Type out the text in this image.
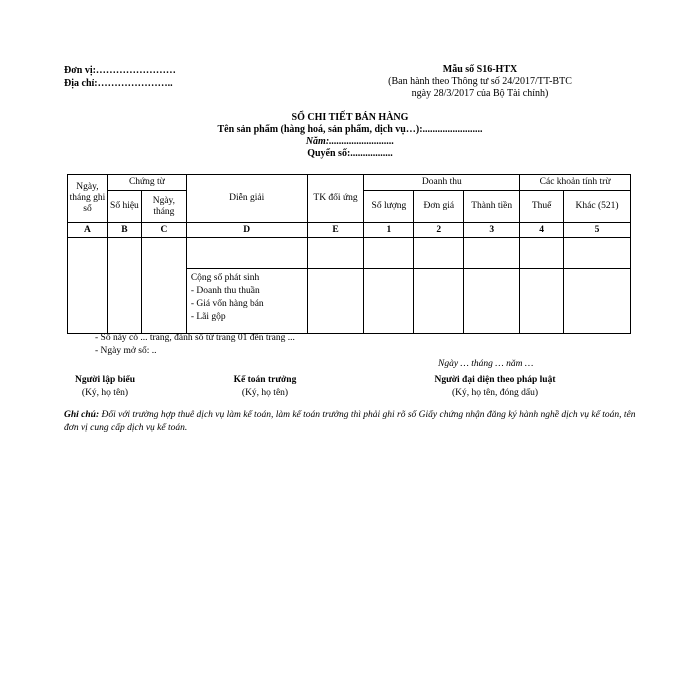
Đơn vị:……………………
Địa chỉ:…………………..
Mẫu số S16-HTX
(Ban hành theo Thông tư số 24/2017/TT-BTC
ngày 28/3/2017 của Bộ Tài chính)
SỔ CHI TIẾT BÁN HÀNG
Tên sản phẩm (hàng hoá, sản phẩm, dịch vụ…):........................
Năm:..........................
Quyển số:.................
Ngày, tháng ghi sổ	Chứng từ		Diễn giải	TK đối ứng	Doanh thu			Các khoản tính trừ	
	Số hiệu	Ngày, tháng			Số lượng	Đơn giá	Thành tiền	Thuế	Khác (521)
A	B	C	D	E	1	2	3	4	5

			Cộng số phát sinh
- Doanh thu thuần
- Giá vốn hàng bán
- Lãi gộp						

- Sổ này có ... trang, đánh số từ trang 01 đến trang ...
- Ngày mở sổ: ..
Ngày … tháng … năm …
Người lập biểu
(Ký, họ tên)
Kế toán trưởng
(Ký, họ tên)
Người đại diện theo pháp luật
(Ký, họ tên, đóng dấu)
Ghi chú: Đối với trường hợp thuê dịch vụ làm kế toán, làm kế toán trưởng thì phải ghi rõ số Giấy chứng nhận đăng ký hành nghề dịch vụ kế toán, tên đơn vị cung cấp dịch vụ kế toán.
